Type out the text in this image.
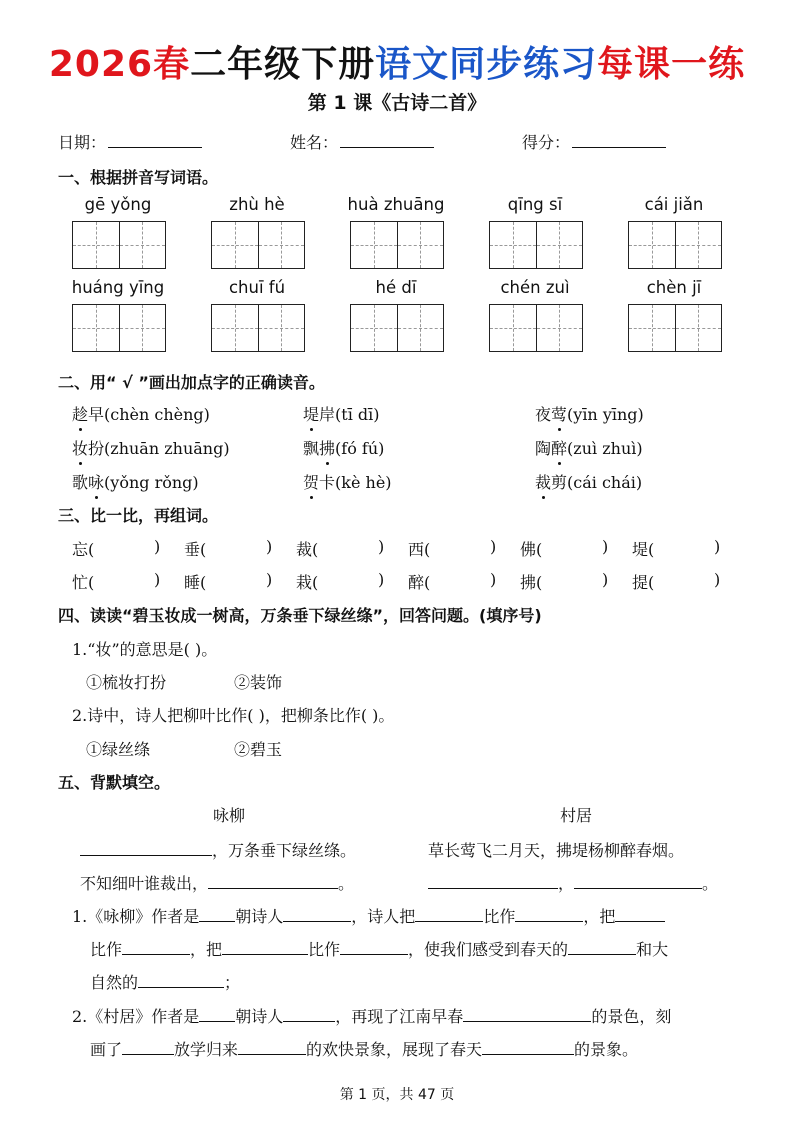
2026春二年级下册语文同步练习每课一练
第 1 课《古诗二首》
日期：	姓名：	得分：
一、根据拼音写词语。
gē yǒng	zhù hè	huà zhuāng	qīng sī	cái jiǎn
huáng yīng	chuī fú	hé dī	chén zuì	chèn jī
二、用“ √ ”画出加点字的正确读音。
趁早(chèn chèng)	堤岸(tī dī)	夜莺(yīn yīng)
妆扮(zhuān zhuāng)	飘拂(fó fú)	陶醉(zuì zhuì)
歌咏(yǒng rǒng)	贺卡(kè hè)	裁剪(cái chái)
三、比一比，再组词。
忘(	) 垂(	) 裁(	) 西(	) 佛(	) 堤(	)
忙(	) 睡(	) 栽(	) 醉(	) 拂(	) 提(	)
四、读读“碧玉妆成一树高，万条垂下绿丝绦”，回答问题。(填序号)
1.“妆”的意思是( )。
①梳妆打扮	②装饰
2.诗中，诗人把柳叶比作( )，把柳条比作( )。
①绿丝绦	②碧玉
五、背默填空。
咏柳	村居
，万条垂下绿丝绦。	草长莺飞二月天，拂堤杨柳醉春烟。
不知细叶谁裁出，	。	，	。
1.《咏柳》作者是 朝诗人	，诗人把	比作	，把
比作	，把	比作	，使我们感受到春天的	和大
自然的	；
2.《村居》作者是 朝诗人	，再现了江南早春	的景色，刻
画了	放学归来	的欢快景象，展现了春天	的景象。
第 1 页，共 47 页
